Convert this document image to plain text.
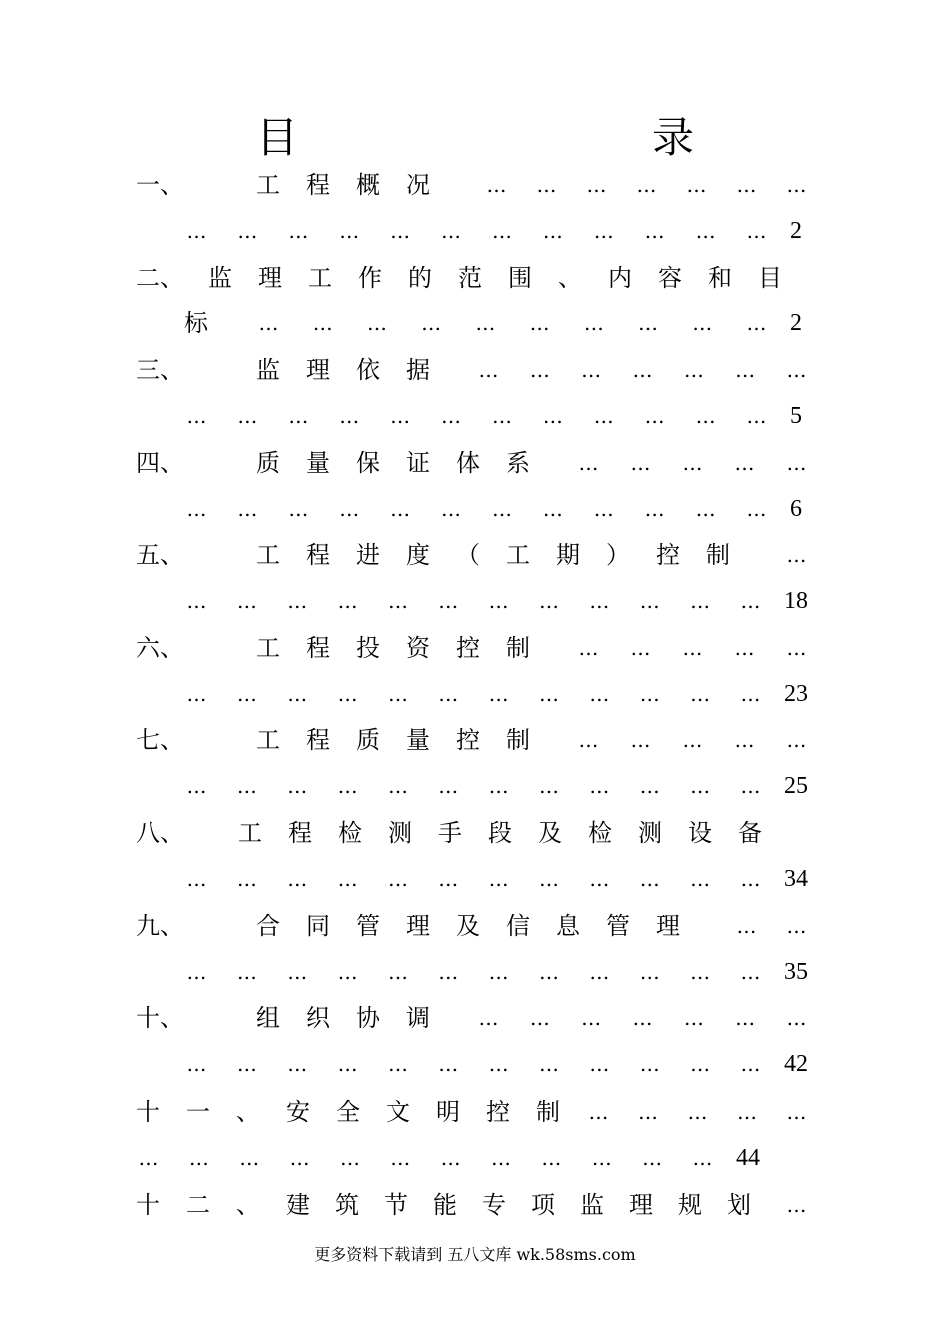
目　　录
一、	工程概况 … … … … … … …
… … … … … … … … … … … … 2
二、 监理工作的范围、内容和目
标	… … … … … … … … … … 2
三、	监理依据 … … … … … … …
… … … … … … … … … … … … 5
四、	质量保证体系 … … … … …
… … … … … … … … … … … … 6
五、	工程进度（工期）控制 …
… … … … … … … … … … … … 18
六、	工程投资控制 … … … … …
… … … … … … … … … … … … 23
七、	工程质量控制 … … … … …
… … … … … … … … … … … … 25
八、 工程检测手段及检测设备
… … … … … … … … … … … … 34
九、	合同管理及信息管理 … …
… … … … … … … … … … … … 35
十、	组织协调 … … … … … … …
… … … … … … … … … … … … 42
十一、 安全文明控制 … … … … …
… … … … … … … … … … … … 44
十二、 建筑节能专项监理规划 …
更多资料下载请到 五八文库 wk.58sms.com
